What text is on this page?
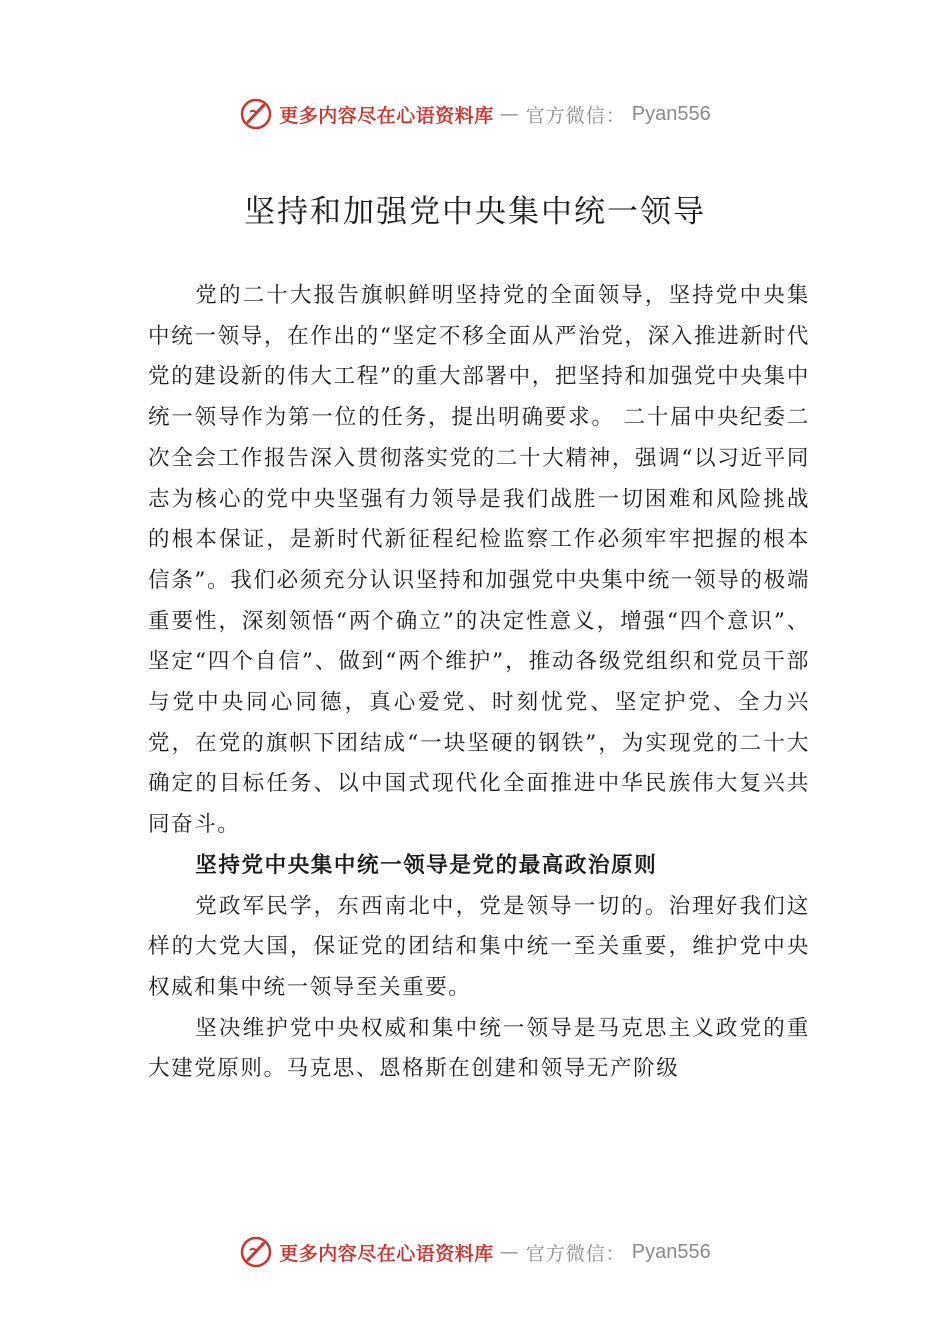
更多内容尽在心语资料库 — 官方微信： Pyan556
坚持和加强党中央集中统一领导

党的二十大报告旗帜鲜明坚持党的全面领导，坚持党中央集中统一领导，在作出的“坚定不移全面从严治党，深入推进新时代党的建设新的伟大工程”的重大部署中，把坚持和加强党中央集中统一领导作为第一位的任务，提出明确要求。 二十届中央纪委二次全会工作报告深入贯彻落实党的二十大精神，强调“以习近平同志为核心的党中央坚强有力领导是我们战胜一切困难和风险挑战的根本保证，是新时代新征程纪检监察工作必须牢牢把握的根本信条”。我们必须充分认识坚持和加强党中央集中统一领导的极端重要性，深刻领悟“两个确立”的决定性意义，增强“四个意识”、坚定“四个自信”、做到“两个维护”，推动各级党组织和党员干部与党中央同心同德，真心爱党、时刻忧党、坚定护党、全力兴党，在党的旗帜下团结成“一块坚硬的钢铁”，为实现党的二十大确定的目标任务、以中国式现代化全面推进中华民族伟大复兴共同奋斗。

坚持党中央集中统一领导是党的最高政治原则

党政军民学，东西南北中，党是领导一切的。治理好我们这样的大党大国，保证党的团结和集中统一至关重要，维护党中央权威和集中统一领导至关重要。

坚决维护党中央权威和集中统一领导是马克思主义政党的重大建党原则。马克思、恩格斯在创建和领导无产阶级

更多内容尽在心语资料库 — 官方微信： Pyan556
